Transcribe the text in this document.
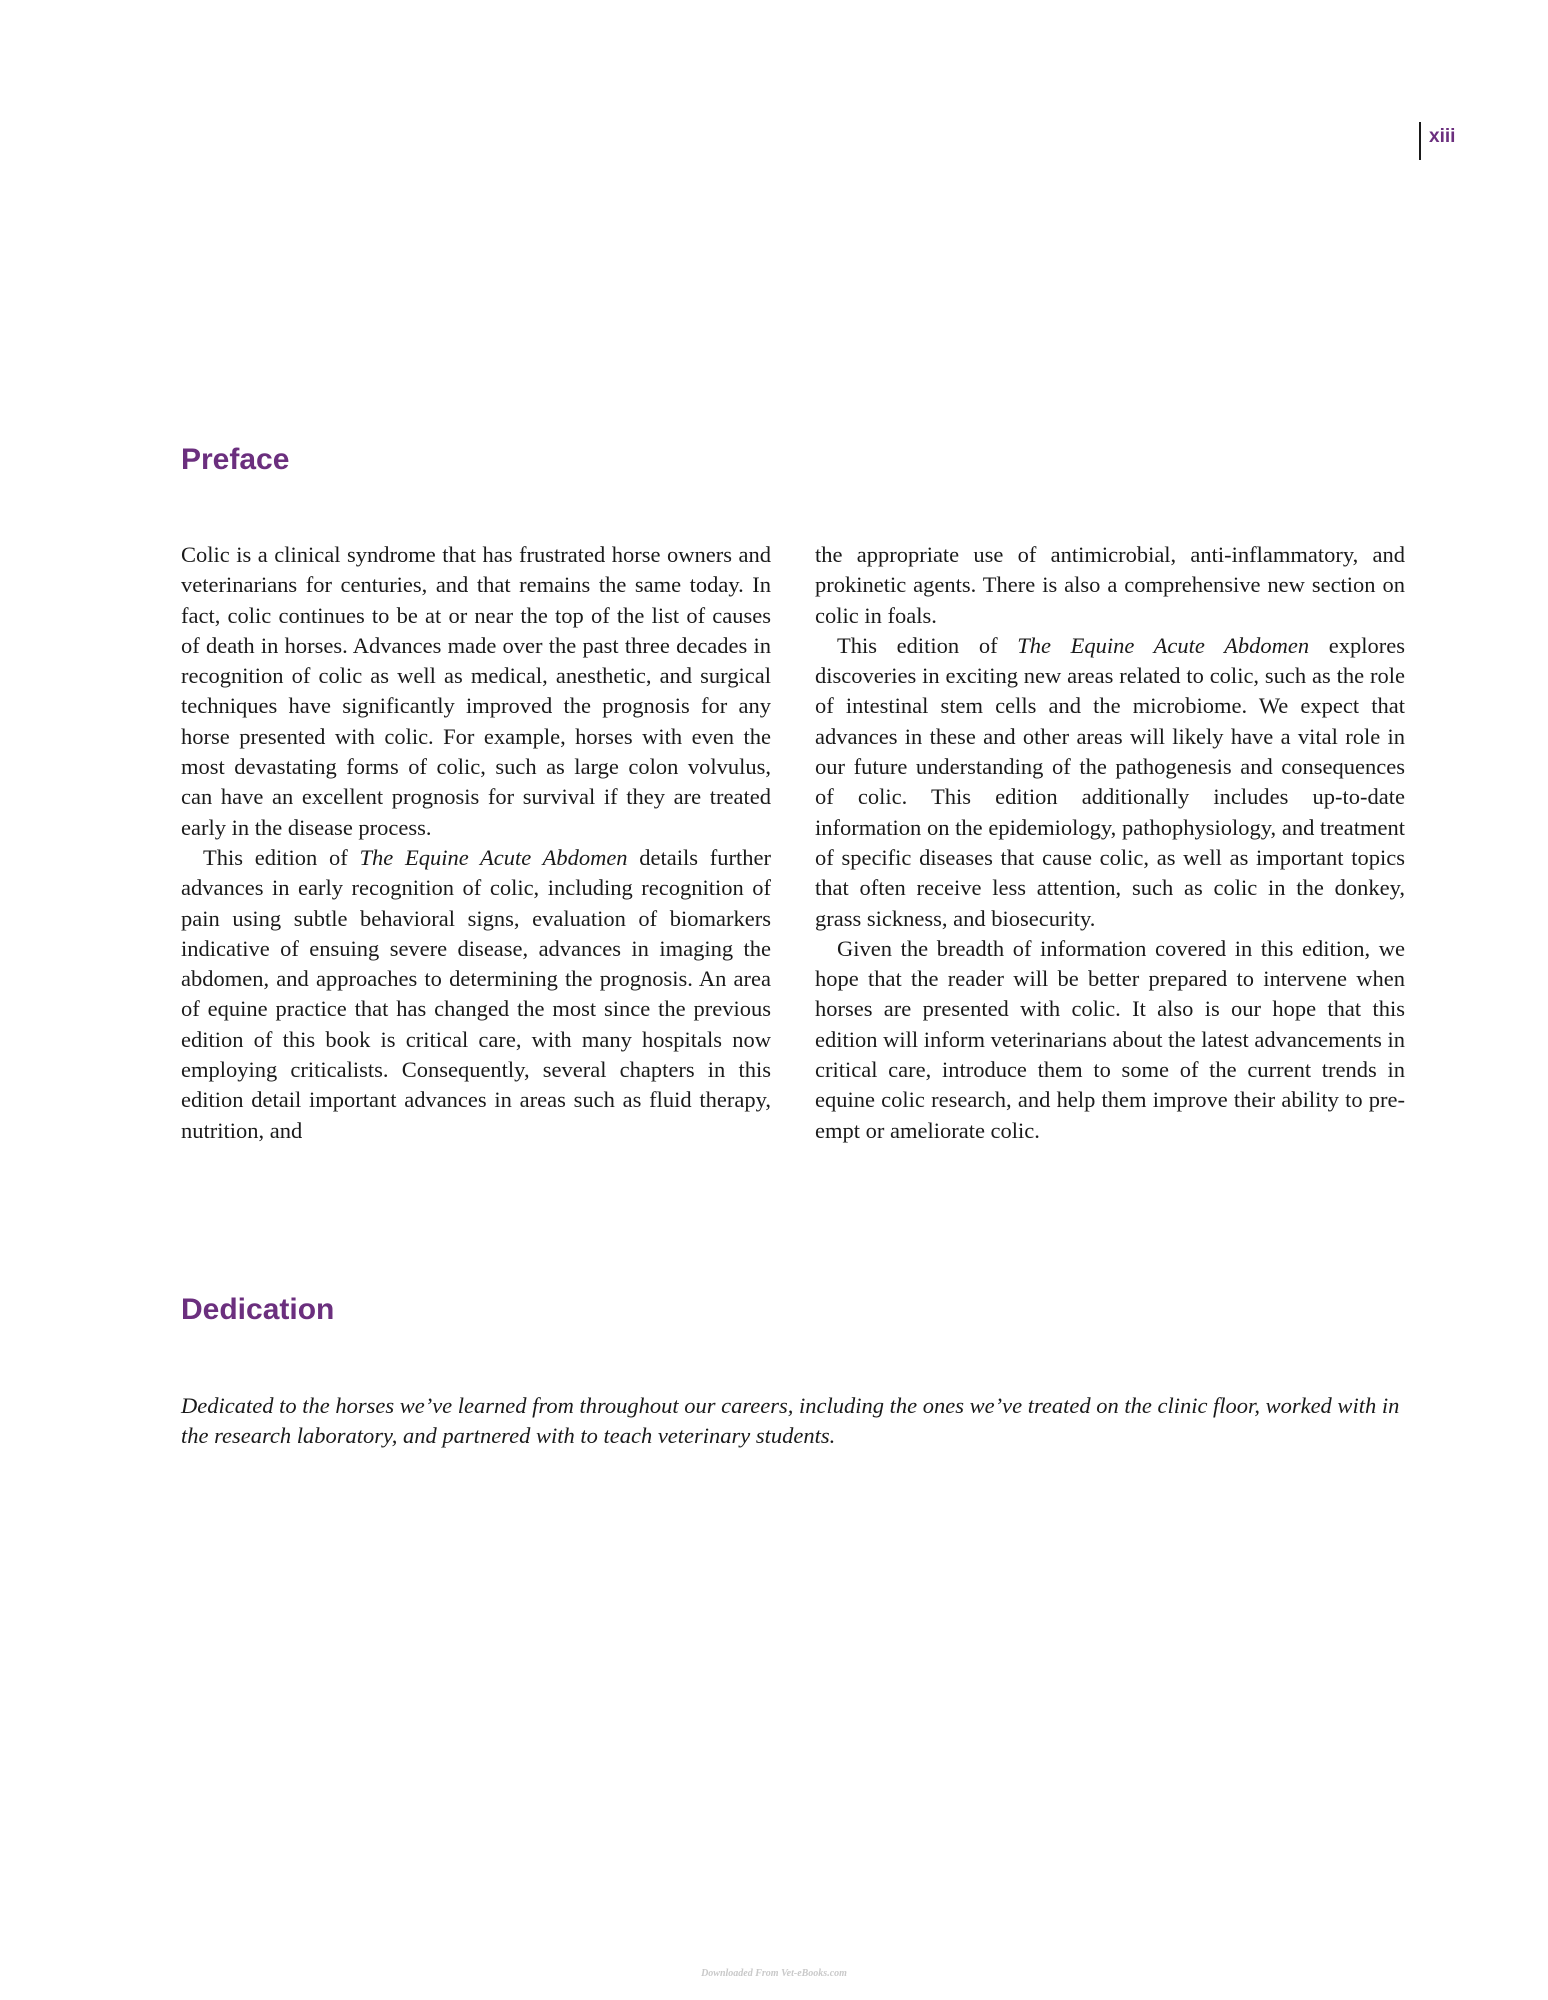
xiii
Preface

Colic is a clinical syndrome that has frustrated horse owners and veterinarians for centuries, and that remains the same today. In fact, colic continues to be at or near the top of the list of causes of death in horses. Advances made over the past three decades in recognition of colic as well as medical, anesthetic, and surgical techniques have significantly improved the prognosis for any horse presented with colic. For example, horses with even the most devastating forms of colic, such as large colon volvulus, can have an excellent prognosis for survival if they are treated early in the disease process.

This edition of The Equine Acute Abdomen details further advances in early recognition of colic, including recognition of pain using subtle behavioral signs, evaluation of biomarkers indicative of ensuing severe disease, advances in imaging the abdomen, and approaches to determining the prognosis. An area of equine practice that has changed the most since the previous edition of this book is critical care, with many hospitals now employing criticalists. Consequently, several chapters in this edition detail important advances in areas such as fluid therapy, nutrition, and

the appropriate use of antimicrobial, anti-inflammatory, and prokinetic agents. There is also a comprehensive new section on colic in foals.

This edition of The Equine Acute Abdomen explores discoveries in exciting new areas related to colic, such as the role of intestinal stem cells and the microbiome. We expect that advances in these and other areas will likely have a vital role in our future understanding of the pathogenesis and consequences of colic. This edition additionally includes up-to-date information on the epidemiology, pathophysiology, and treatment of specific diseases that cause colic, as well as important topics that often receive less attention, such as colic in the donkey, grass sickness, and biosecurity.

Given the breadth of information covered in this edition, we hope that the reader will be better prepared to intervene when horses are presented with colic. It also is our hope that this edition will inform veterinarians about the latest advancements in critical care, introduce them to some of the current trends in equine colic research, and help them improve their ability to pre-empt or ameliorate colic.

Dedication

Dedicated to the horses we’ve learned from throughout our careers, including the ones we’ve treated on the clinic floor, worked with in the research laboratory, and partnered with to teach veterinary students.

Downloaded From Vet-eBooks.com
